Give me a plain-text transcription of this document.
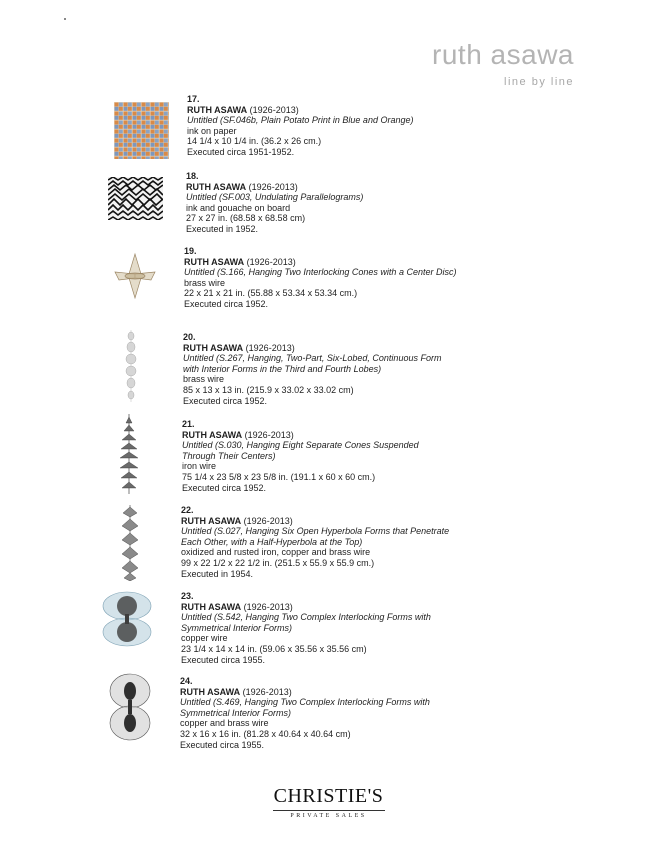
ruth asawa
line by line
17.
RUTH ASAWA (1926-2013)
Untitled (SF.046b, Plain Potato Print in Blue and Orange)
ink on paper
14 1/4 x 10 1/4 in. (36.2 x 26 cm.)
Executed circa 1951-1952.
18.
RUTH ASAWA (1926-2013)
Untitled (SF.003, Undulating Parallelograms)
ink and gouache on board
27 x 27 in. (68.58 x 68.58 cm)
Executed in 1952.
19.
RUTH ASAWA (1926-2013)
Untitled (S.166, Hanging Two Interlocking Cones with a Center Disc)
brass wire
22 x 21 x 21 in. (55.88 x 53.34 x 53.34 cm.)
Executed circa 1952.
20.
RUTH ASAWA (1926-2013)
Untitled (S.267, Hanging, Two-Part, Six-Lobed, Continuous Form with Interior Forms in the Third and Fourth Lobes)
brass wire
85 x 13 x 13 in. (215.9 x 33.02 x 33.02 cm)
Executed circa 1952.
21.
RUTH ASAWA (1926-2013)
Untitled (S.030, Hanging Eight Separate Cones Suspended Through Their Centers)
iron wire
75 1/4 x 23 5/8 x 23 5/8 in. (191.1 x 60 x 60 cm.)
Executed circa 1952.
22.
RUTH ASAWA (1926-2013)
Untitled (S.027, Hanging Six Open Hyperbola Forms that Penetrate Each Other, with a Half-Hyperbola at the Top)
oxidized and rusted iron, copper and brass wire
99 x 22 1/2 x 22 1/2 in. (251.5 x 55.9 x 55.9 cm.)
Executed in 1954.
23.
RUTH ASAWA (1926-2013)
Untitled (S.542, Hanging Two Complex Interlocking Forms with Symmetrical Interior Forms)
copper wire
23 1/4 x 14 x 14 in. (59.06 x 35.56 x 35.56 cm)
Executed circa 1955.
24.
RUTH ASAWA (1926-2013)
Untitled (S.469, Hanging Two Complex Interlocking Forms with Symmetrical Interior Forms)
copper and brass wire
32 x 16 x 16 in. (81.28 x 40.64 x 40.64 cm)
Executed circa 1955.
CHRISTIE'S
PRIVATE SALES
